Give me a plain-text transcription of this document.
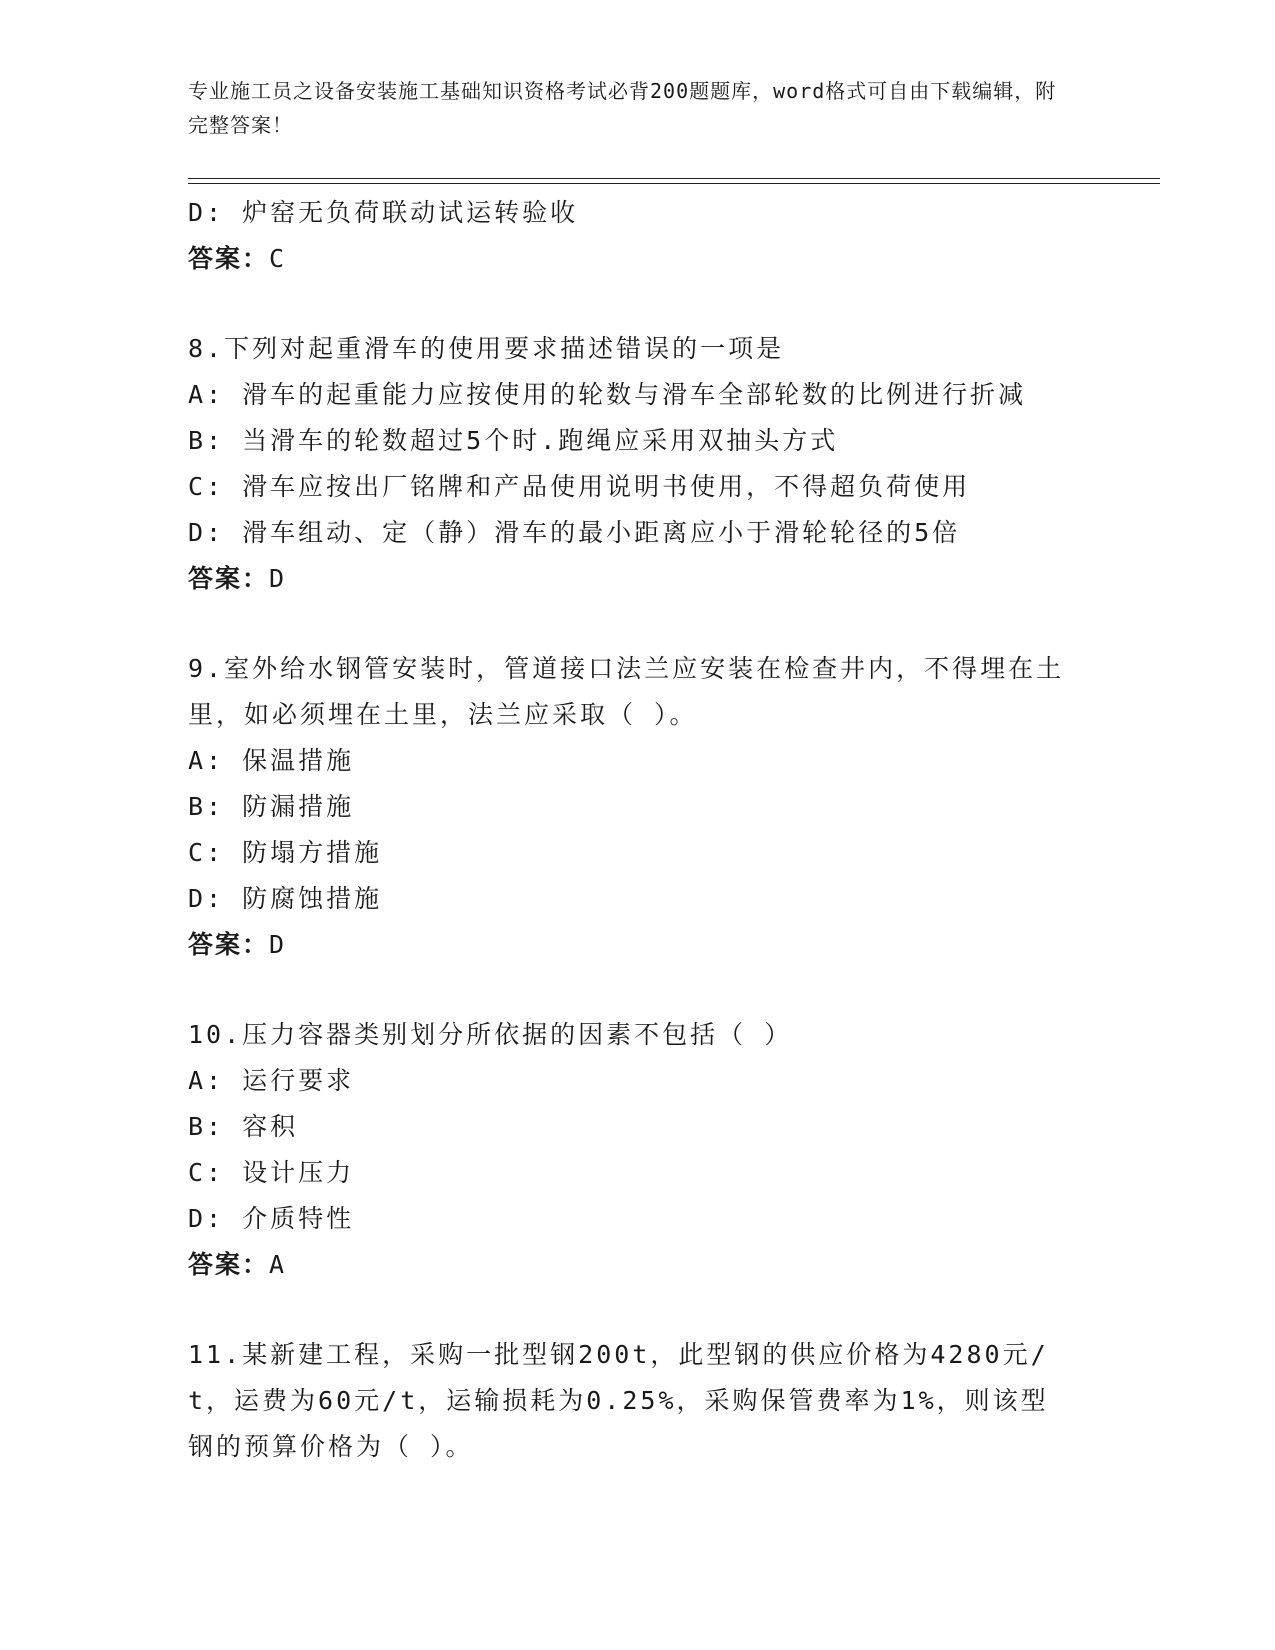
专业施工员之设备安装施工基础知识资格考试必背200题题库，word格式可自由下载编辑，附完整答案！
D: 炉窑无负荷联动试运转验收
答案：C
8.下列对起重滑车的使用要求描述错误的一项是
A: 滑车的起重能力应按使用的轮数与滑车全部轮数的比例进行折减
B: 当滑车的轮数超过5个时.跑绳应采用双抽头方式
C: 滑车应按出厂铭牌和产品使用说明书使用，不得超负荷使用
D: 滑车组动、定（静）滑车的最小距离应小于滑轮轮径的5倍
答案：D
9.室外给水钢管安装时，管道接口法兰应安装在检查井内，不得埋在土里，如必须埋在土里，法兰应采取（ ）。
A: 保温措施
B: 防漏措施
C: 防塌方措施
D: 防腐蚀措施
答案：D
10.压力容器类别划分所依据的因素不包括（ ）
A: 运行要求
B: 容积
C: 设计压力
D: 介质特性
答案：A
11.某新建工程，采购一批型钢200t，此型钢的供应价格为4280元/t，运费为60元/t，运输损耗为0.25%，采购保管费率为1%，则该型钢的预算价格为（ ）。
